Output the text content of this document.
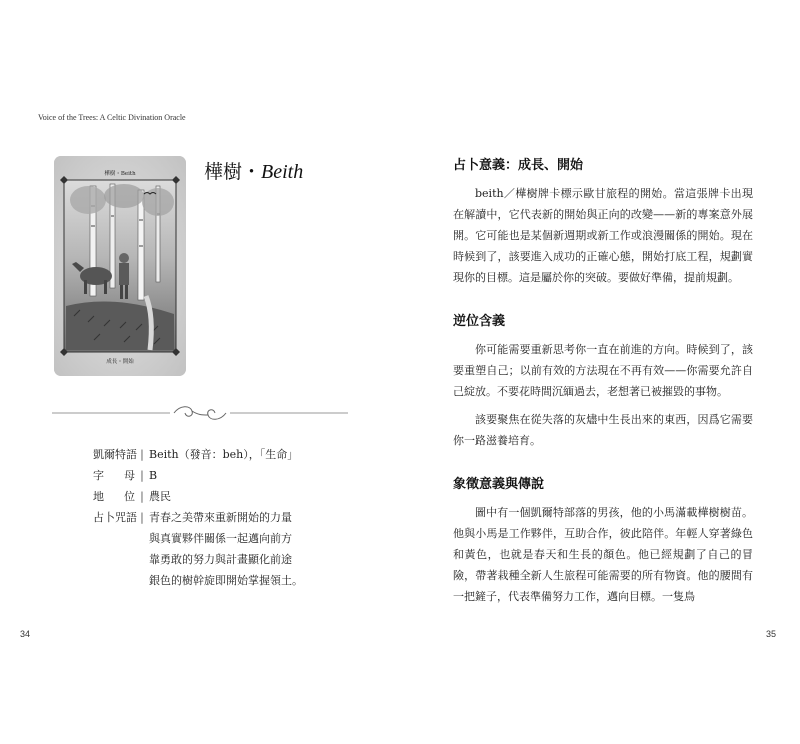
Voice of the Trees: A Celtic Divination Oracle
樺樹・Beith
成長・開始
樺樹・Beith
凱 爾 特 語 | Beith（發音：beh），「生命」
字 母 | B
地 位 | 農民
占 卜 咒 語 | 青春之美帶來重新開始的力量
與真實夥伴關係一起邁向前方
靠勇敢的努力與計畫顯化前途
銀色的樹幹旋即開始掌握領土。
34	35
占卜意義：成長、開始

beith／樺樹牌卡標示歐甘旅程的開始。當這張牌卡出現在解讀中，它代表新的開始與正向的改變——新的專案意外展開。它可能也是某個新週期或新工作或浪漫關係的開始。現在時候到了，該要進入成功的正確心態，開始打底工程，規劃實現你的目標。這是屬於你的突破。要做好準備，提前規劃。

逆位含義

你可能需要重新思考你一直在前進的方向。時候到了，該要重塑自己；以前有效的方法現在不再有效——你需要允許自己綻放。不要花時間沉緬過去，老想著已被摧毀的事物。

該要聚焦在從失落的灰燼中生長出來的東西，因爲它需要你一路滋養培育。

象徵意義與傳說

圖中有一個凱爾特部落的男孩，他的小馬滿載樺樹樹苗。他與小馬是工作夥伴，互助合作，彼此陪伴。年輕人穿著綠色和黃色，也就是春天和生長的顏色。他已經規劃了自己的冒險，帶著栽種全新人生旅程可能需要的所有物資。他的腰間有一把鏟子，代表準備努力工作，邁向目標。一隻鳥
